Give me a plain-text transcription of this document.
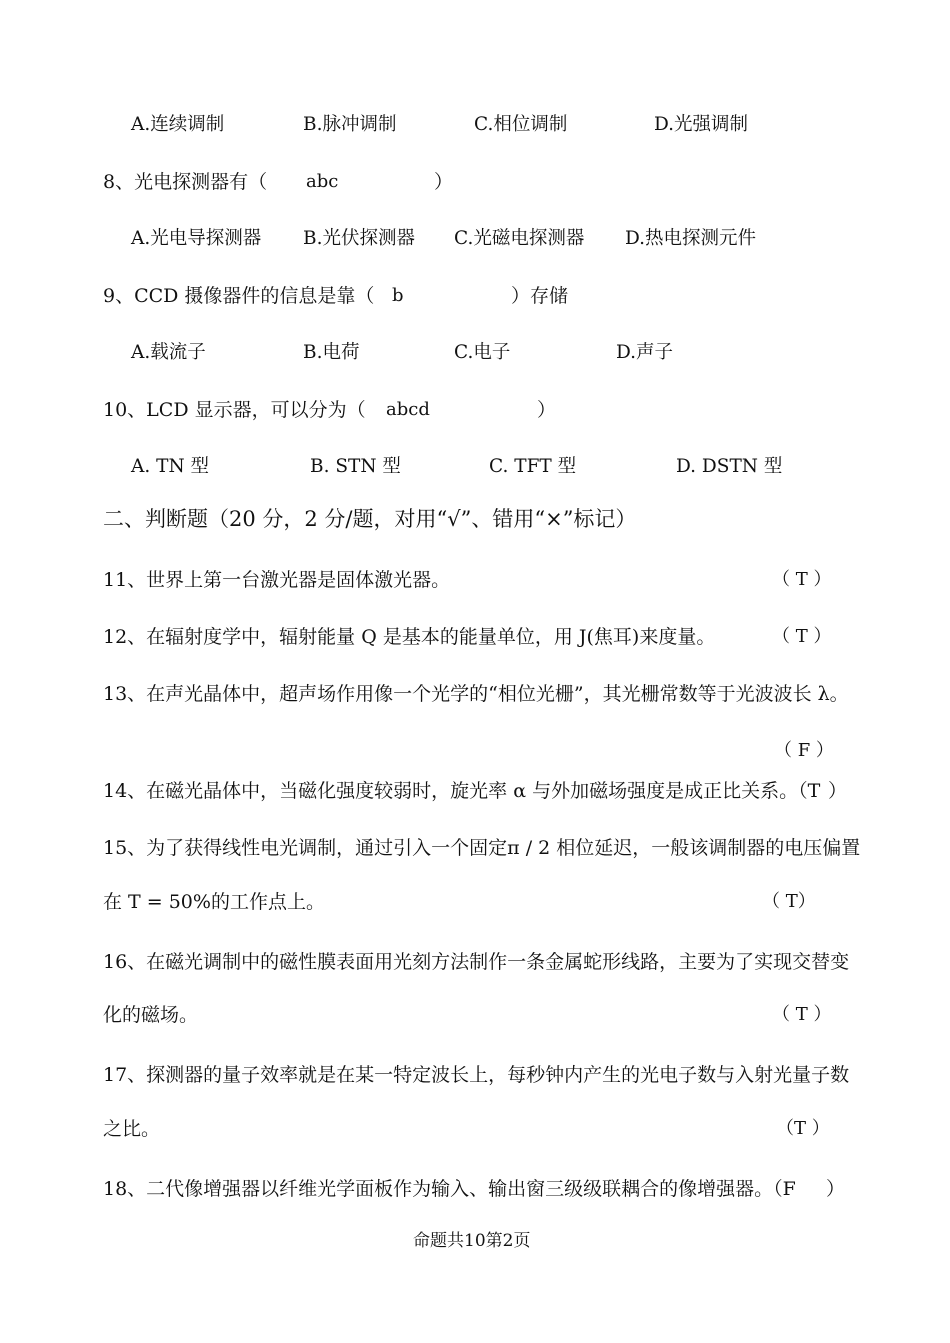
A.连续调制	B.脉冲调制	C.相位调制	D.光强调制
8、光电探测器有（ abc	）
A.光电导探测器 B.光伏探测器 C.光磁电探测器 D.热电探测元件
9、CCD 摄像器件的信息是靠（ b	）存储
A.载流子	B.电荷	C.电子	D.声子
10、LCD 显示器，可以分为（ abcd	）
A. TN 型	B. STN 型	C. TFT 型	D. DSTN 型
二、判断题（20 分，2 分/题，对用“√”、错用“×”标记）
11、世界上第一台激光器是固体激光器。	（ T ）
12、在辐射度学中，辐射能量 Q 是基本的能量单位，用 J(焦耳)来度量。	（ T ）
13、在声光晶体中，超声场作用像一个光学的“相位光栅”，其光栅常数等于光波波长 λ。
（ F ）
14、在磁光晶体中，当磁化强度较弱时，旋光率 α 与外加磁场强度是成正比关系。（T ）
15、为了获得线性电光调制，通过引入一个固定π / 2 相位延迟，一般该调制器的电压偏置
在 T = 50%的工作点上。	（ T）
16、在磁光调制中的磁性膜表面用光刻方法制作一条金属蛇形线路，主要为了实现交替变
化的磁场。	（ T ）
17、探测器的量子效率就是在某一特定波长上，每秒钟内产生的光电子数与入射光量子数
之比。	（T ）
18、二代像增强器以纤维光学面板作为输入、输出窗三级级联耦合的像增强器。（F ）
命题共10第2页
